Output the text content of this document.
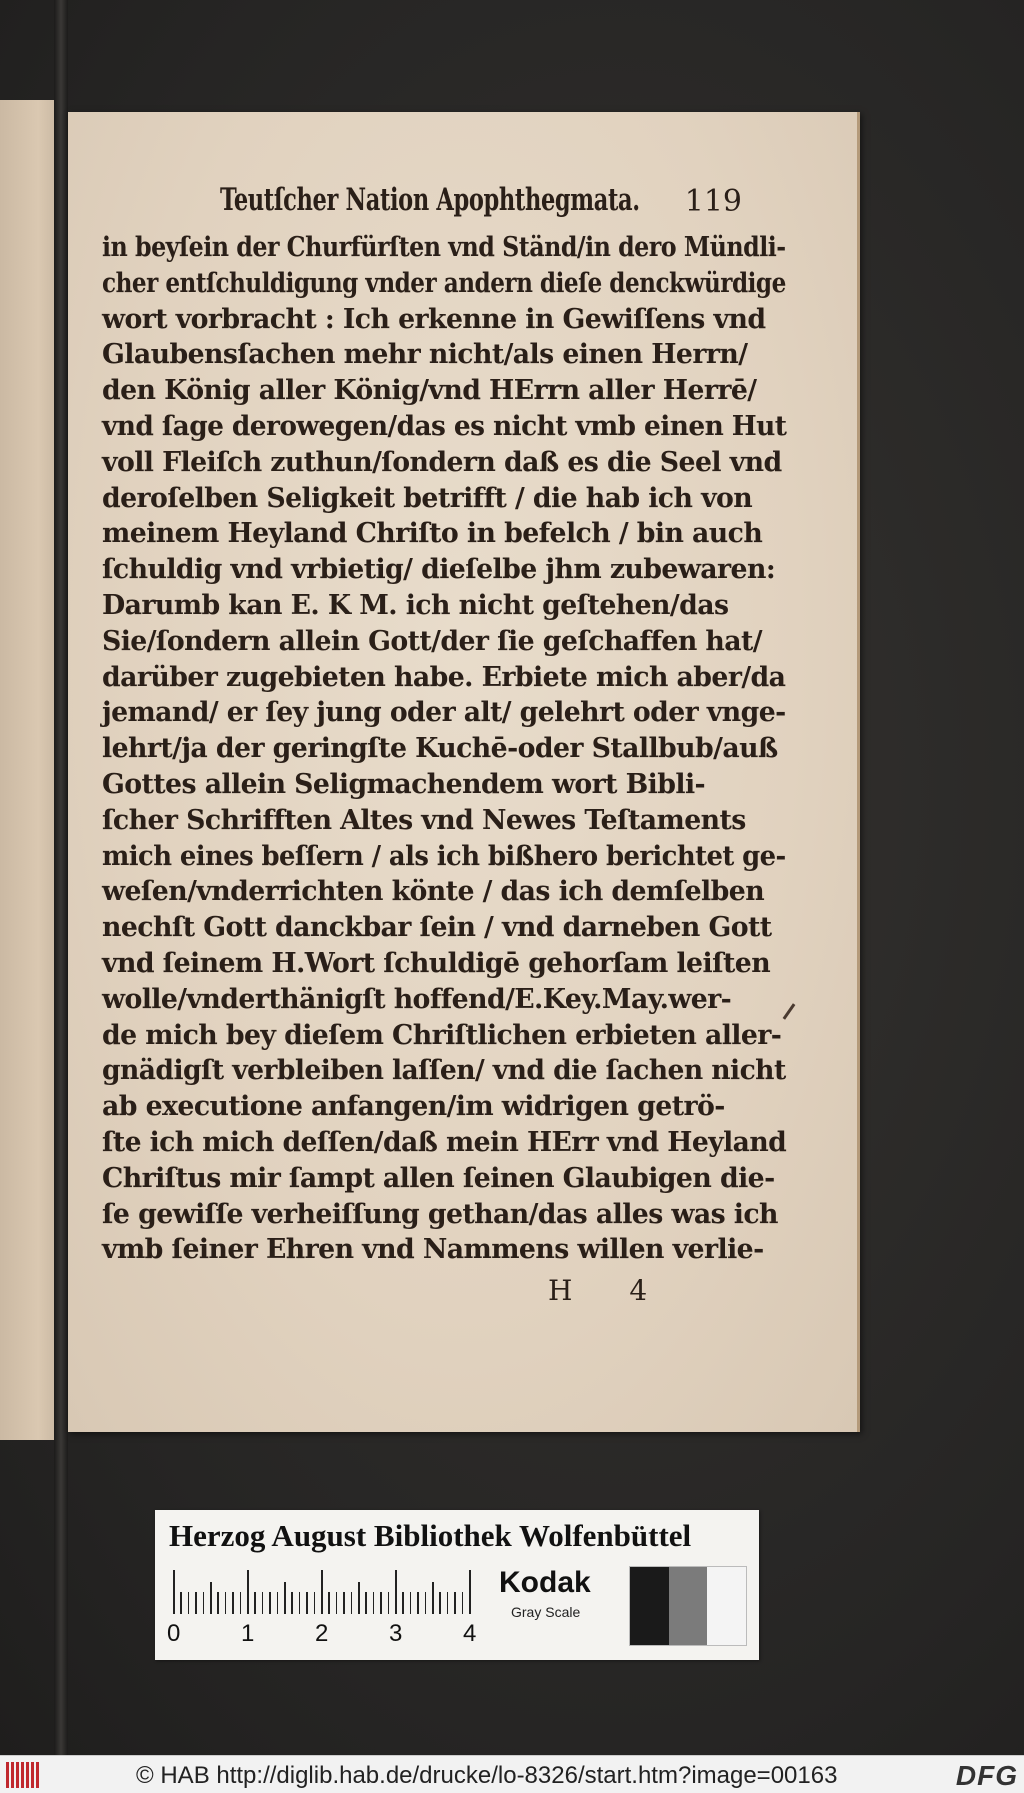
Teutſcher Nation Apophthegmata. 119
in beyſein der Churfürſten vnd Ständ/in dero Mündli-
cher entſchuldigung vnder andern dieſe denckwürdige
wort vorbracht : Ich erkenne in Gewiſſens vnd
Glaubensſachen mehr nicht/als einen Herrn/
den König aller König/vnd HErrn aller Herrē/
vnd ſage derowegen/das es nicht vmb einen Hut
voll Fleiſch zuthun/ſondern daß es die Seel vnd
deroſelben Seligkeit betrifft / die hab ich von
meinem Heyland Chriſto in befelch / bin auch
ſchuldig vnd vrbietig/ dieſelbe jhm zubewaren:
Darumb kan E. K M. ich nicht geſtehen/das
Sie/ſondern allein Gott/der ſie geſchaffen hat/
darüber zugebieten habe. Erbiete mich aber/da
jemand/ er ſey jung oder alt/ gelehrt oder vnge-
lehrt/ja der geringſte Kuchē-oder Stallbub/auß
Gottes allein Seligmachendem wort Bibli-
ſcher Schrifften Altes vnd Newes Teſtaments
mich eines beſſern / als ich bißhero berichtet ge-
weſen/vnderrichten könte / das ich demſelben
nechſt Gott danckbar ſein / vnd darneben Gott
vnd ſeinem H.Wort ſchuldigē gehorſam leiſten
wolle/vnderthänigſt hoffend/E.Key.May.wer-
de mich bey dieſem Chriſtlichen erbieten aller-
gnädigſt verbleiben laſſen/ vnd die ſachen nicht
ab executione anfangen/im widrigen getrö-
ſte ich mich deſſen/daß mein HErr vnd Heyland
Chriſtus mir ſampt allen ſeinen Glaubigen die-
ſe gewiſſe verheiſſung gethan/das alles was ich
vmb ſeiner Ehren vnd Nammens willen verlie-
H 4
Herzog August Bibliothek Wolfenbüttel
0	1	2	3	4
Kodak
Gray Scale
© HAB http://diglib.hab.de/drucke/lo-8326/start.htm?image=00163	DFG
